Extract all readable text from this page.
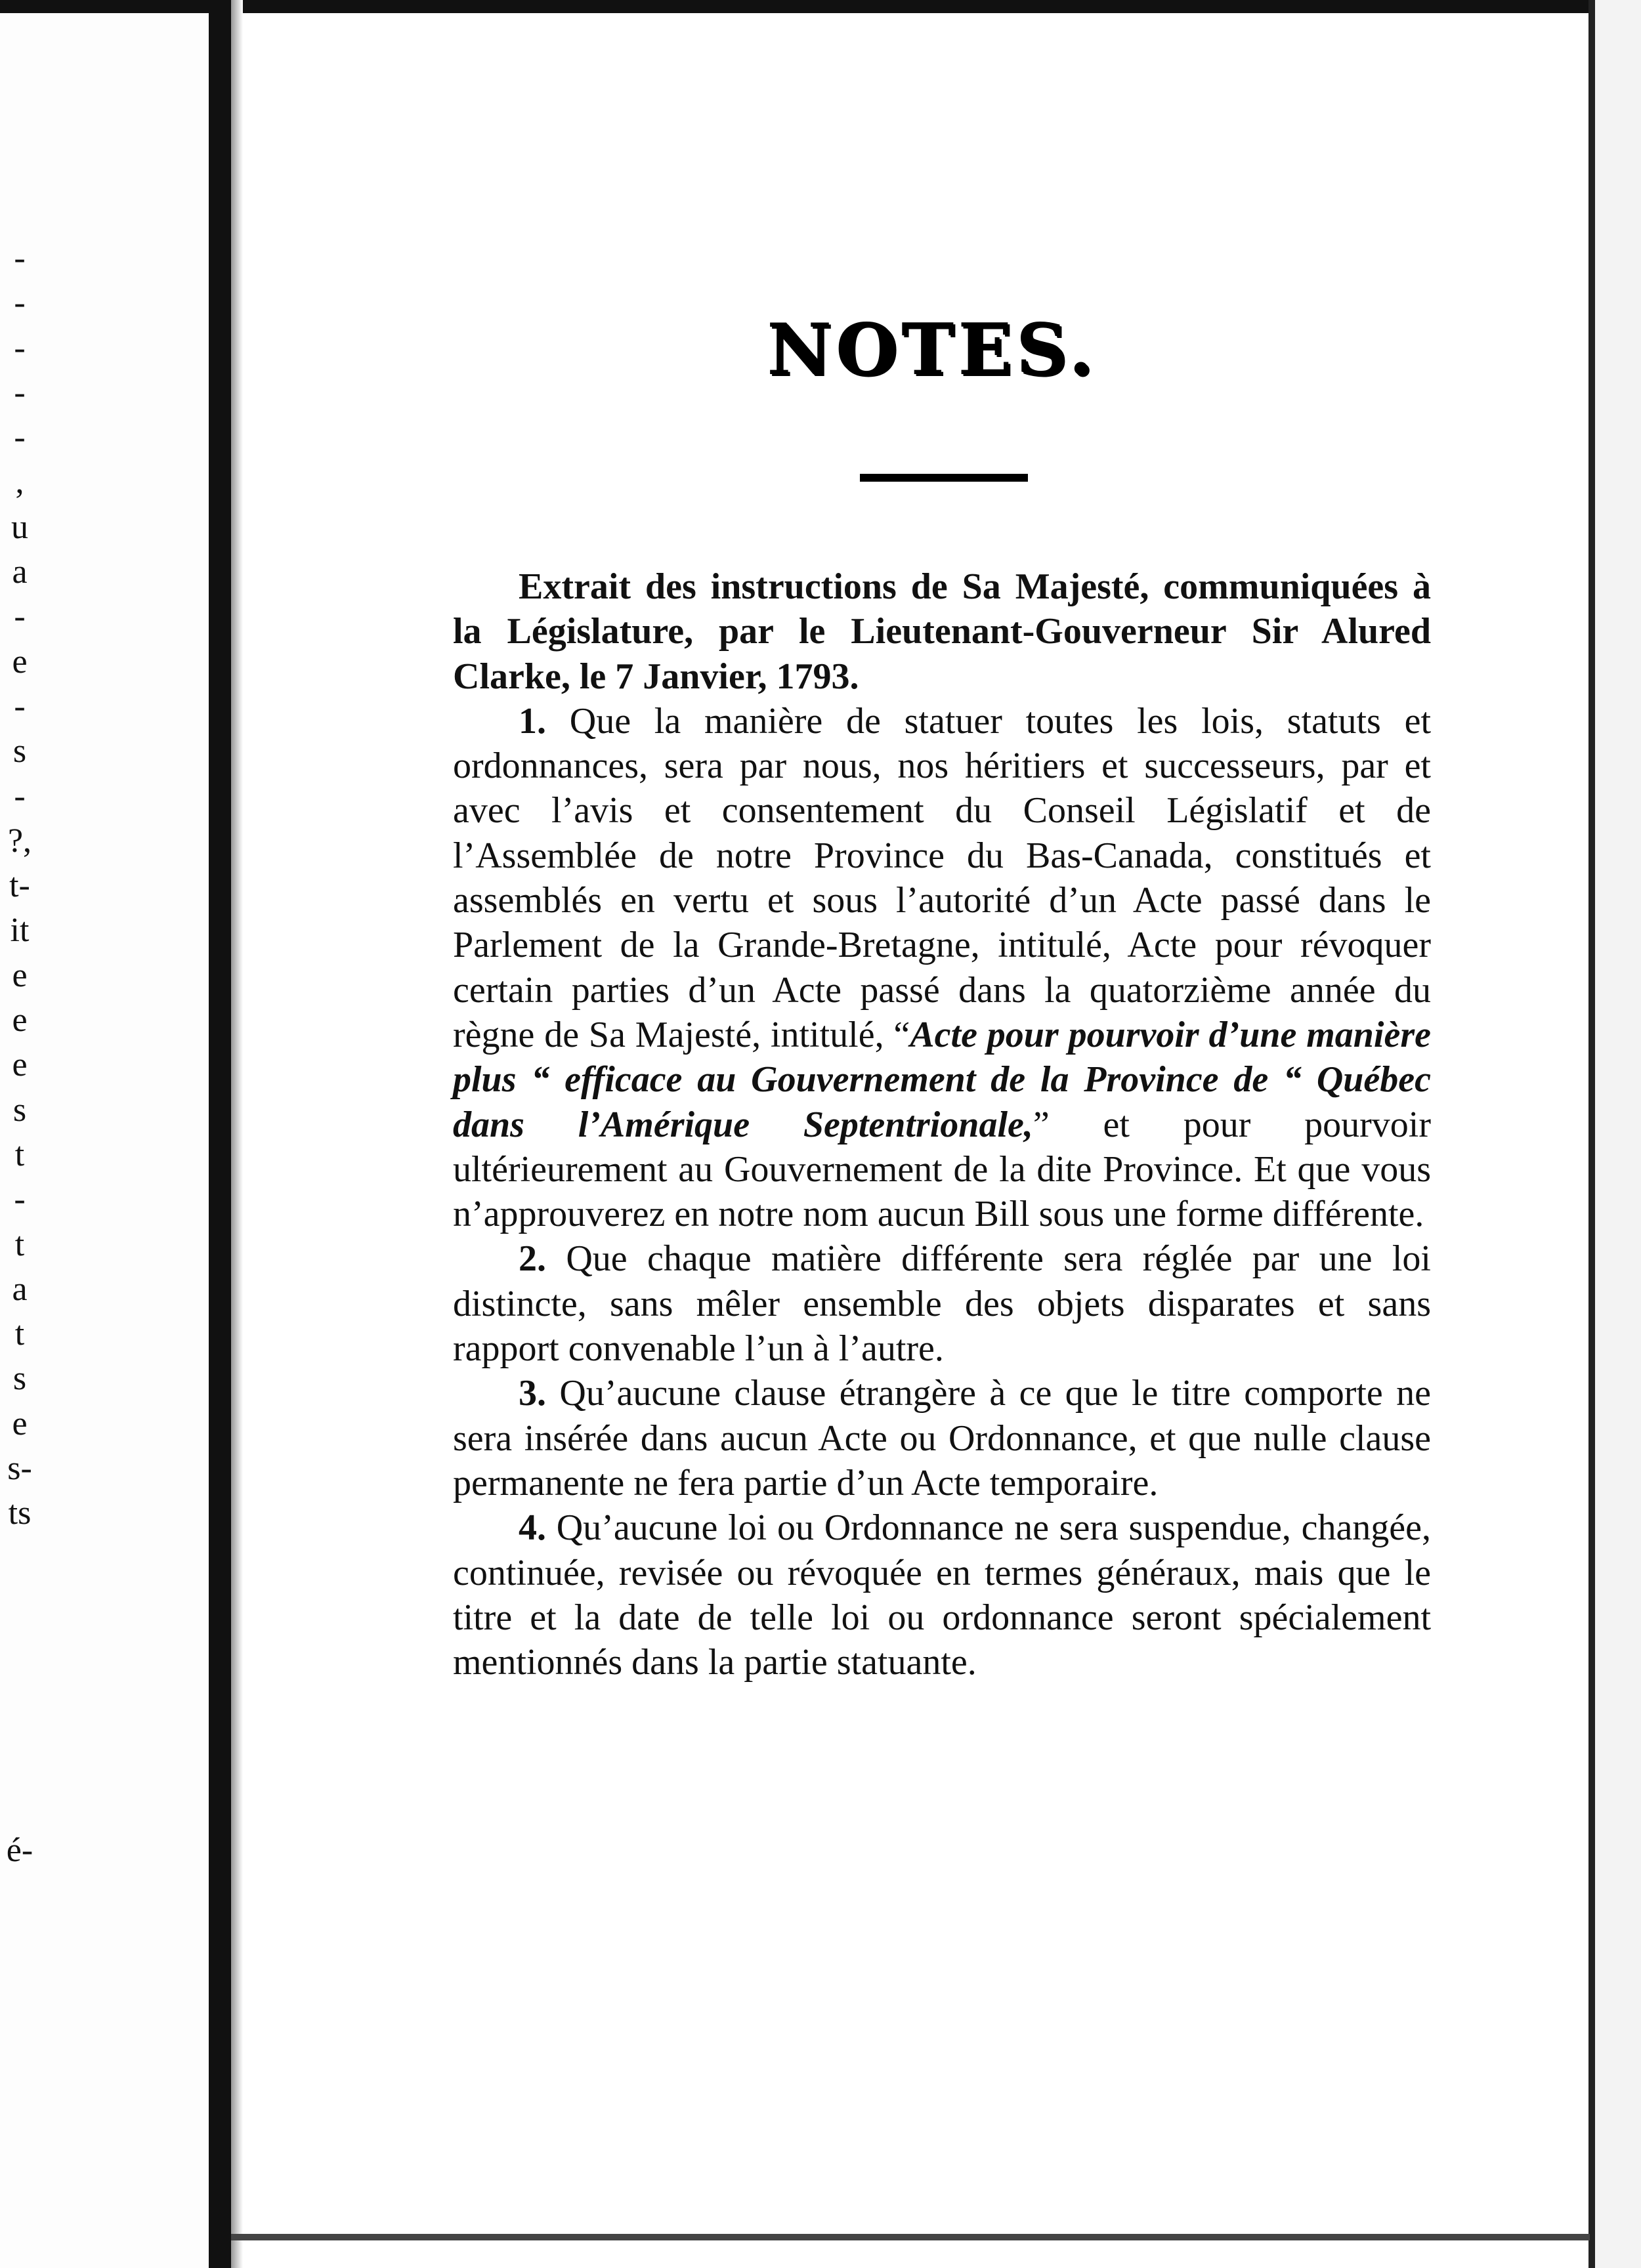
-
-
-
-
-
,
u
a
-
e
-
s
-
?,
t-
it
e
e
e
s
t
-
t
a
t
s
e
s-
ts
é-
NOTES.

Extrait des instructions de Sa Majesté, communiquées à la Législature, par le Lieutenant-Gouverneur Sir Alured Clarke, le 7 Janvier, 1793.

1. Que la manière de statuer toutes les lois, statuts et ordonnances, sera par nous, nos héritiers et successeurs, par et avec l’avis et consentement du Conseil Législatif et de l’Assemblée de notre Province du Bas-Canada, constitués et assemblés en vertu et sous l’autorité d’un Acte passé dans le Parlement de la Grande-Bretagne, intitulé, Acte pour révoquer certain parties d’un Acte passé dans la quatorzième année du règne de Sa Majesté, intitulé, “Acte pour pourvoir d’une manière plus “ efficace au Gouvernement de la Province de “ Québec dans l’Amérique Septentrionale,” et pour pourvoir ultérieurement au Gouvernement de la dite Province. Et que vous n’approuverez en notre nom aucun Bill sous une forme différente.

2. Que chaque matière différente sera réglée par une loi distincte, sans mêler ensemble des objets disparates et sans rapport convenable l’un à l’autre.

3. Qu’aucune clause étrangère à ce que le titre comporte ne sera insérée dans aucun Acte ou Ordonnance, et que nulle clause permanente ne fera partie d’un Acte temporaire.

4. Qu’aucune loi ou Ordonnance ne sera suspendue, changée, continuée, revisée ou révoquée en termes généraux, mais que le titre et la date de telle loi ou ordonnance seront spécialement mentionnés dans la partie statuante.
